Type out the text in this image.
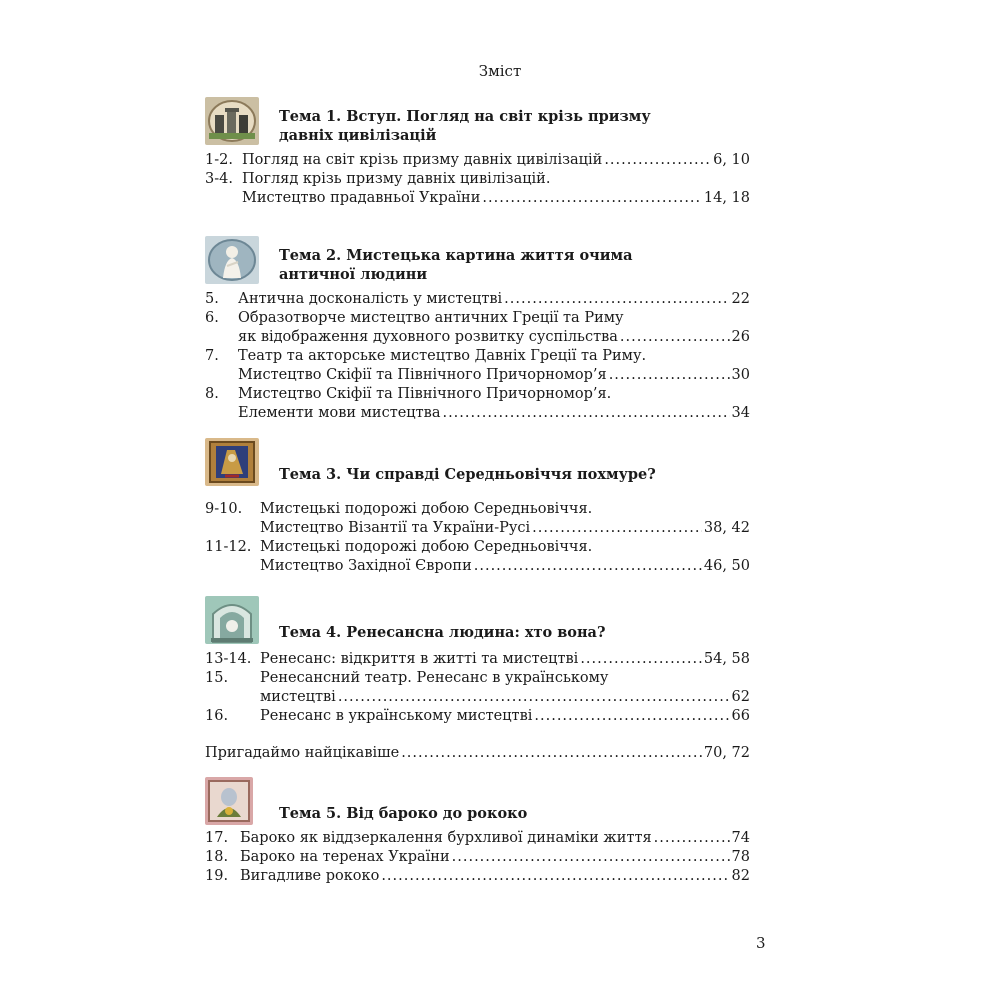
Зміст
Тема 1. Вступ. Погляд на світ крізь призму
давніх цивілізацій
1-2. Погляд на світ крізь призму давніх цивілізацій .....	6, 10
3-4. Погляд крізь призму давніх цивілізацій.
Мистецтво прадавньої України .....	14, 18
Тема 2. Мистецька картина життя очима
античної людини
5.	Антична досконалість у мистецтві .....	22
6.	Образотворче мистецтво античних Греції та Риму
як відображення духовного розвитку суспільства .....	26
7.	Театр та акторське мистецтво Давніх Греції та Риму.
Мистецтво Скіфії та Північного Причорномор’я .....	30
8.	Мистецтво Скіфії та Північного Причорномор’я.
Елементи мови мистецтва .....	34
Тема 3. Чи справді Середньовіччя похмуре?
9-10.	Мистецькі подорожі добою Середньовіччя.
Мистецтво Візантії та України-Русі .....	38, 42
11-12. Мистецькі подорожі добою Середньовіччя.
Мистецтво Західної Європи .....	46, 50
Тема 4. Ренесансна людина: хто вона?
13-14. Ренесанс: відкриття в житті та мистецтві .....	54, 58
15.	Ренесансний театр. Ренесанс в українському
мистецтві .....	62
16.	Ренесанс в українському мистецтві .....	66
Пригадаймо найцікавіше .....	70, 72
Тема 5. Від бароко до рококо
17. Бароко як віддзеркалення бурхливої динаміки життя .....	74
18. Бароко на теренах України .....	78
19. Вигадливе рококо .....	82
3
